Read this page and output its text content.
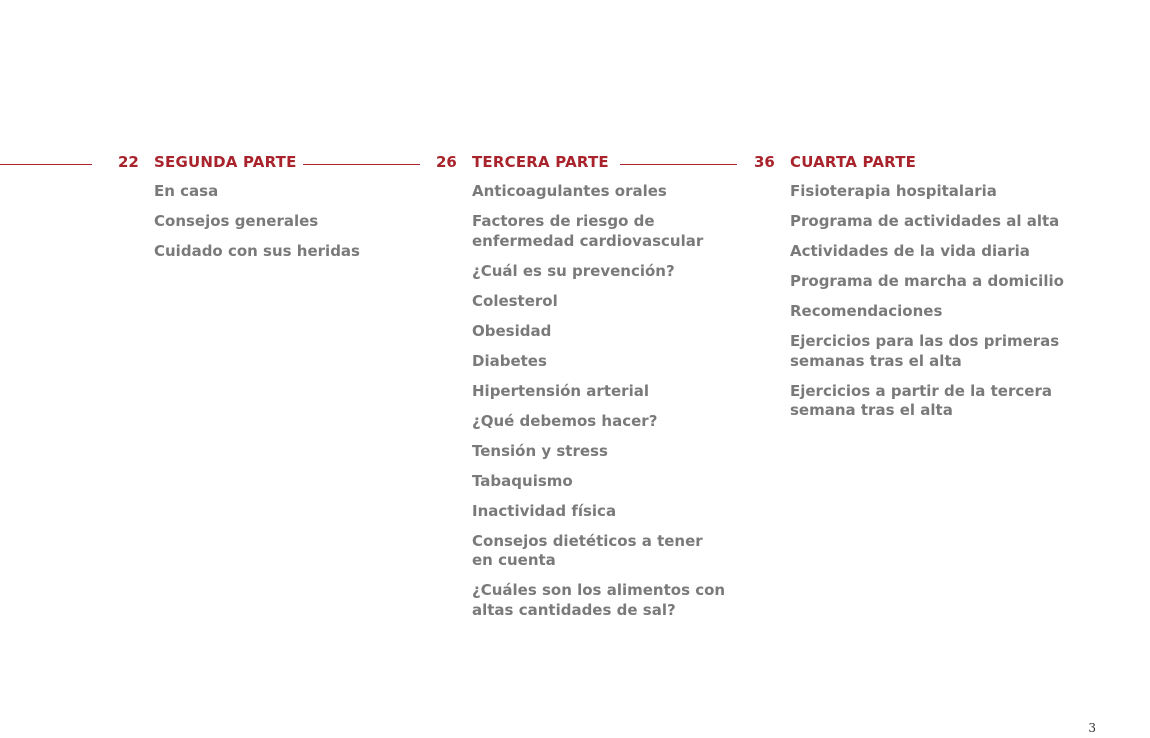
22 SEGUNDA PARTE
En casa
Consejos generales
Cuidado con sus heridas
26 TERCERA PARTE
Anticoagulantes orales
Factores de riesgo de
enfermedad cardiovascular
¿Cuál es su prevención?
Colesterol
Obesidad
Diabetes
Hipertensión arterial
¿Qué debemos hacer?
Tensión y stress
Tabaquismo
Inactividad física
Consejos dietéticos a tener
en cuenta
¿Cuáles son los alimentos con
altas cantidades de sal?
36 CUARTA PARTE
Fisioterapia hospitalaria
Programa de actividades al alta
Actividades de la vida diaria
Programa de marcha a domicilio
Recomendaciones
Ejercicios para las dos primeras
semanas tras el alta
Ejercicios a partir de la tercera
semana tras el alta
3
